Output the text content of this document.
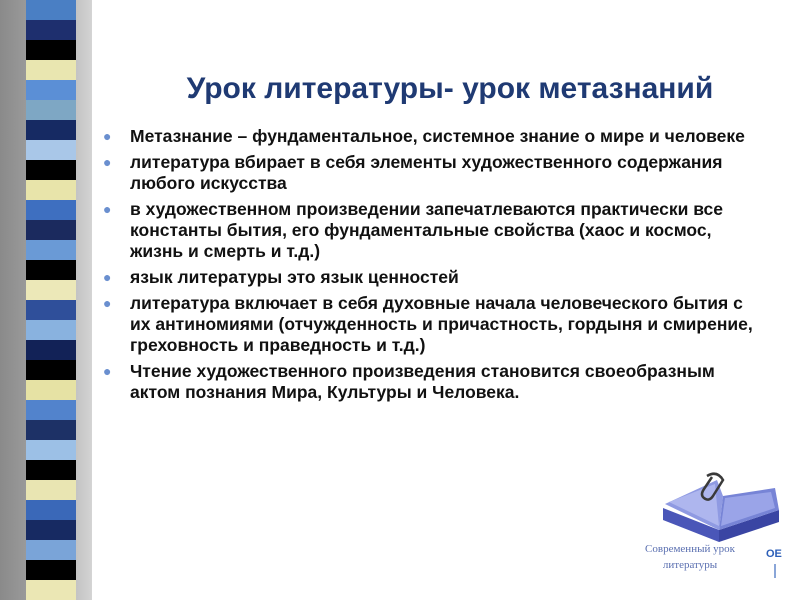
Урок литературы- урок метазнаний
● Метазнание – фундаментальное, системное знание о мире и человеке
● литература вбирает в себя элементы художественного содержания любого искусства
● в художественном произведении запечатлеваются практически все константы бытия, его фундаментальные свойства (хаос и космос, жизнь и смерть и т.д.)
● язык литературы это язык ценностей
● литература включает в себя духовные начала человеческого бытия с их антиномиями (отчужденность и причастность, гордыня и смирение, греховность и праведность и т.д.)
● Чтение художественного произведения становится своеобразным актом познания Мира, Культуры и Человека.
Современный урок
литературы
OE
